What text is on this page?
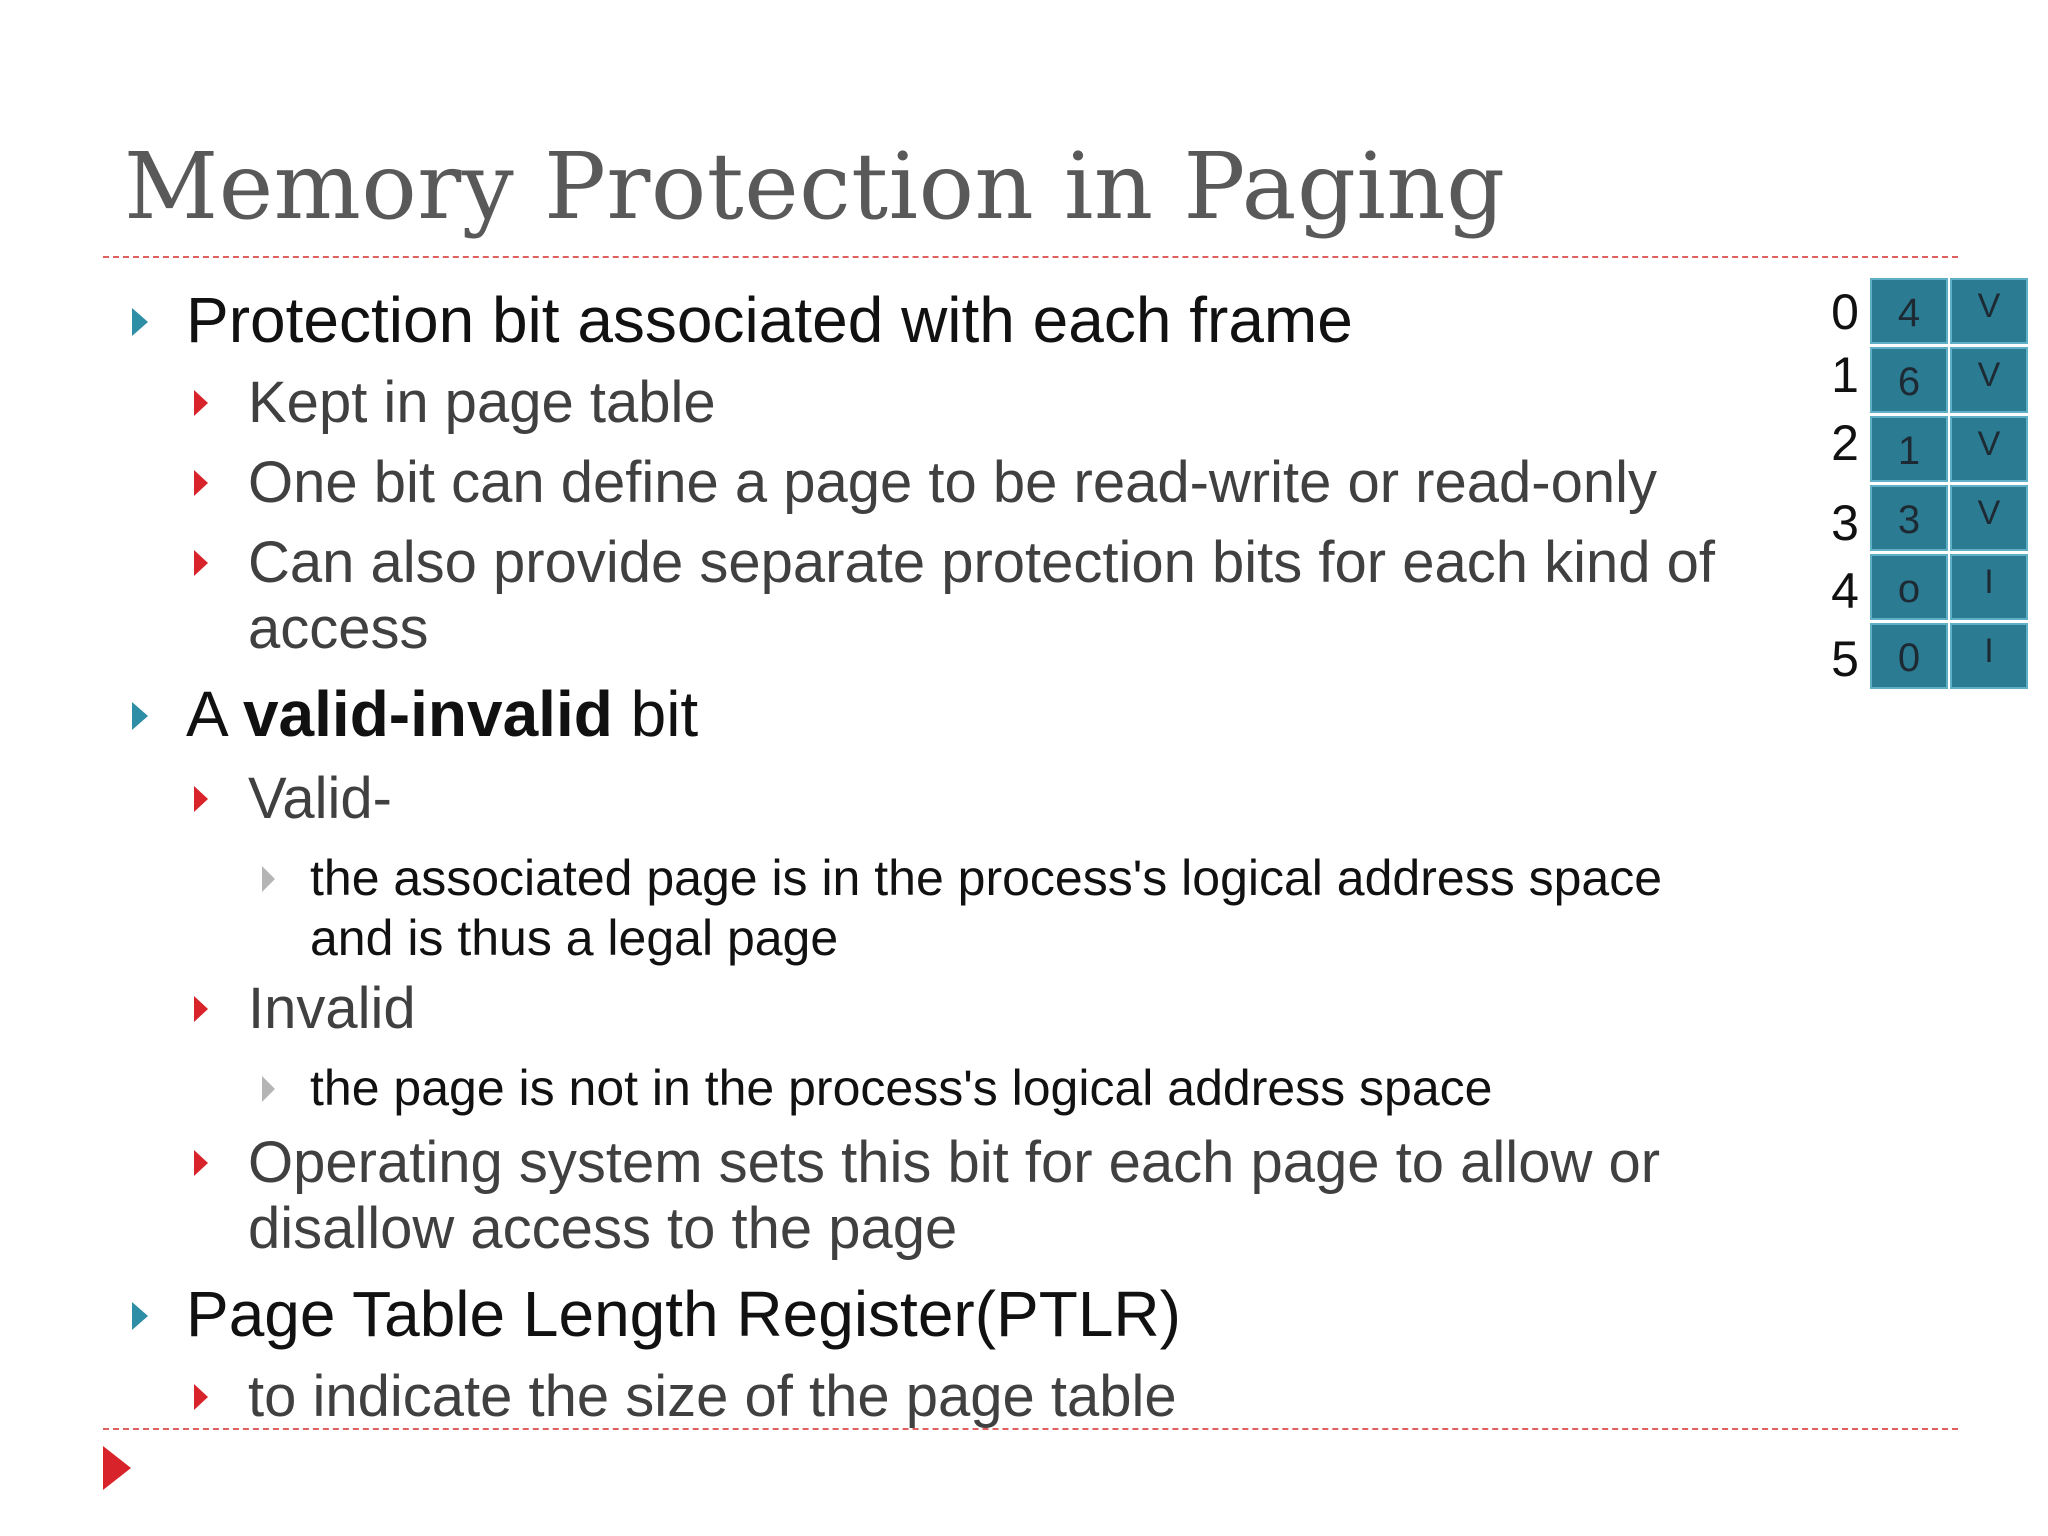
Memory Protection in Paging
Protection bit associated with each frame
Kept in page table
One bit can define a page to be read-write or read-only
Can also provide separate protection bits for each kind of
access
A valid-invalid bit
Valid-
the associated page is in the process's logical address space
and is thus a legal page
Invalid
the page is not in the process's logical address space
Operating system sets this bit for each page to allow or
disallow access to the page
Page Table Length Register(PTLR)
to indicate the size of the page table
0
1
2
3
4
5
4
6
1
3
o
0
V
V
V
V
I
I
